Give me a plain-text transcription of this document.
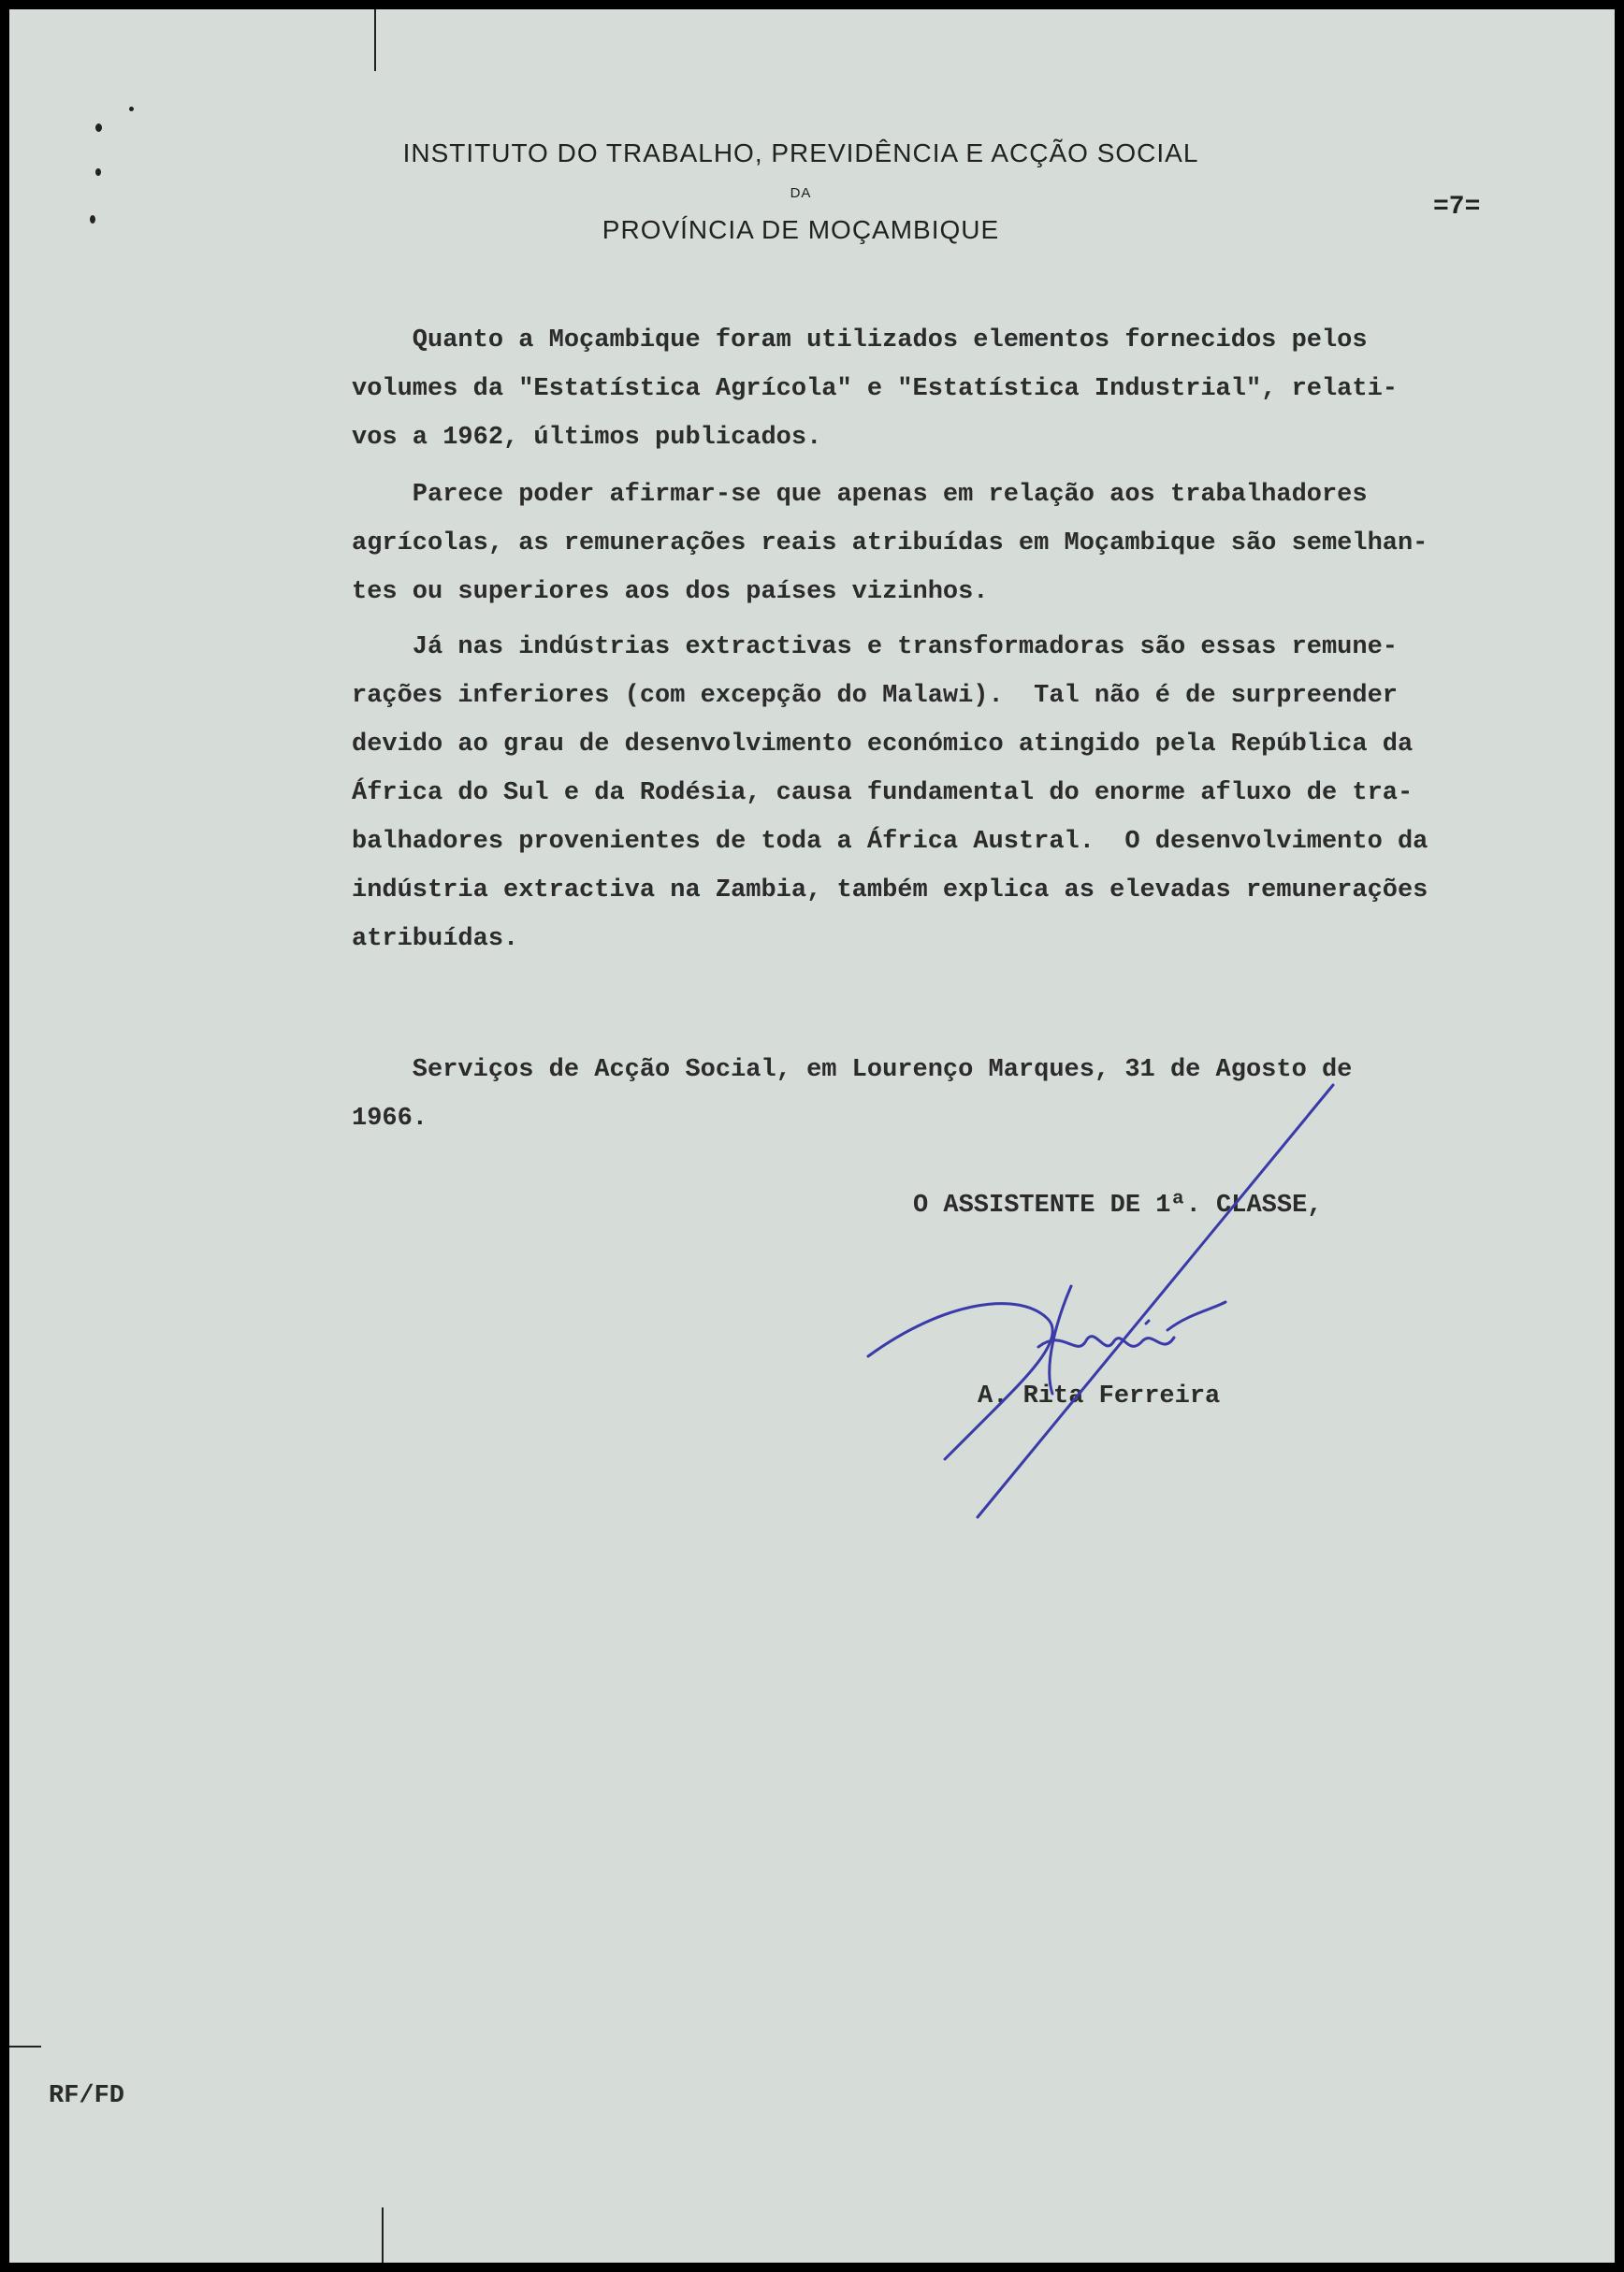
INSTITUTO DO TRABALHO, PREVIDÊNCIA E ACÇÃO SOCIAL
DA
PROVÍNCIA DE MOÇAMBIQUE
=7=
Quanto a Moçambique foram utilizados elementos fornecidos pelos
volumes da "Estatística Agrícola" e "Estatística Industrial", relati-
vos a 1962, últimos publicados.
Parece poder afirmar-se que apenas em relação aos trabalhadores
agrícolas, as remunerações reais atribuídas em Moçambique são semelhan-
tes ou superiores aos dos países vizinhos.
Já nas indústrias extractivas e transformadoras são essas remune-
rações inferiores (com excepção do Malawi).  Tal não é de surpreender
devido ao grau de desenvolvimento económico atingido pela República da
África do Sul e da Rodésia, causa fundamental do enorme afluxo de tra-
balhadores provenientes de toda a África Austral.  O desenvolvimento da
indústria extractiva na Zambia, também explica as elevadas remunerações
atribuídas.
Serviços de Acção Social, em Lourenço Marques, 31 de Agosto de
1966.
O ASSISTENTE DE 1ª. CLASSE,
A. Rita Ferreira
RF/FD
